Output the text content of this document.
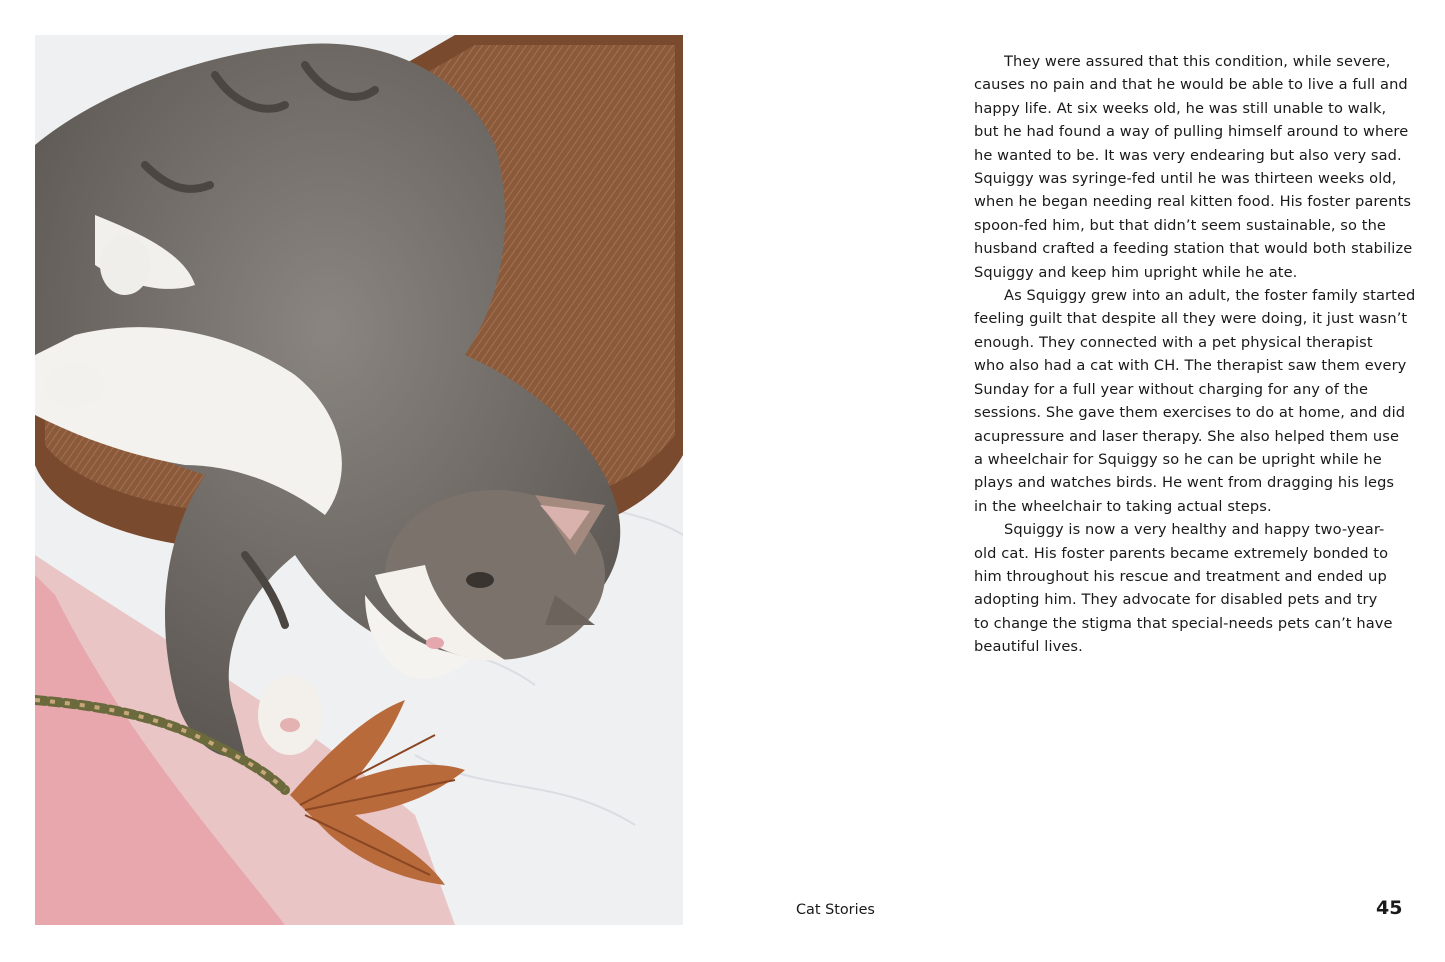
They were assured that this condition, while severe,
causes no pain and that he would be able to live a full and
happy life. At six weeks old, he was still unable to walk,
but he had found a way of pulling himself around to where
he wanted to be. It was very endearing but also very sad.
Squiggy was syringe-fed until he was thirteen weeks old,
when he began needing real kitten food. His foster parents
spoon-fed him, but that didn’t seem sustainable, so the
husband crafted a feeding station that would both stabilize
Squiggy and keep him upright while he ate.
As Squiggy grew into an adult, the foster family started
feeling guilt that despite all they were doing, it just wasn’t
enough. They connected with a pet physical therapist
who also had a cat with CH. The therapist saw them every
Sunday for a full year without charging for any of the
sessions. She gave them exercises to do at home, and did
acupressure and laser therapy. She also helped them use
a wheelchair for Squiggy so he can be upright while he
plays and watches birds. He went from dragging his legs
in the wheelchair to taking actual steps.
Squiggy is now a very healthy and happy two-year-
old cat. His foster parents became extremely bonded to
him throughout his rescue and treatment and ended up
adopting him. They advocate for disabled pets and try
to change the stigma that special-needs pets can’t have
beautiful lives.
Cat Stories	45
